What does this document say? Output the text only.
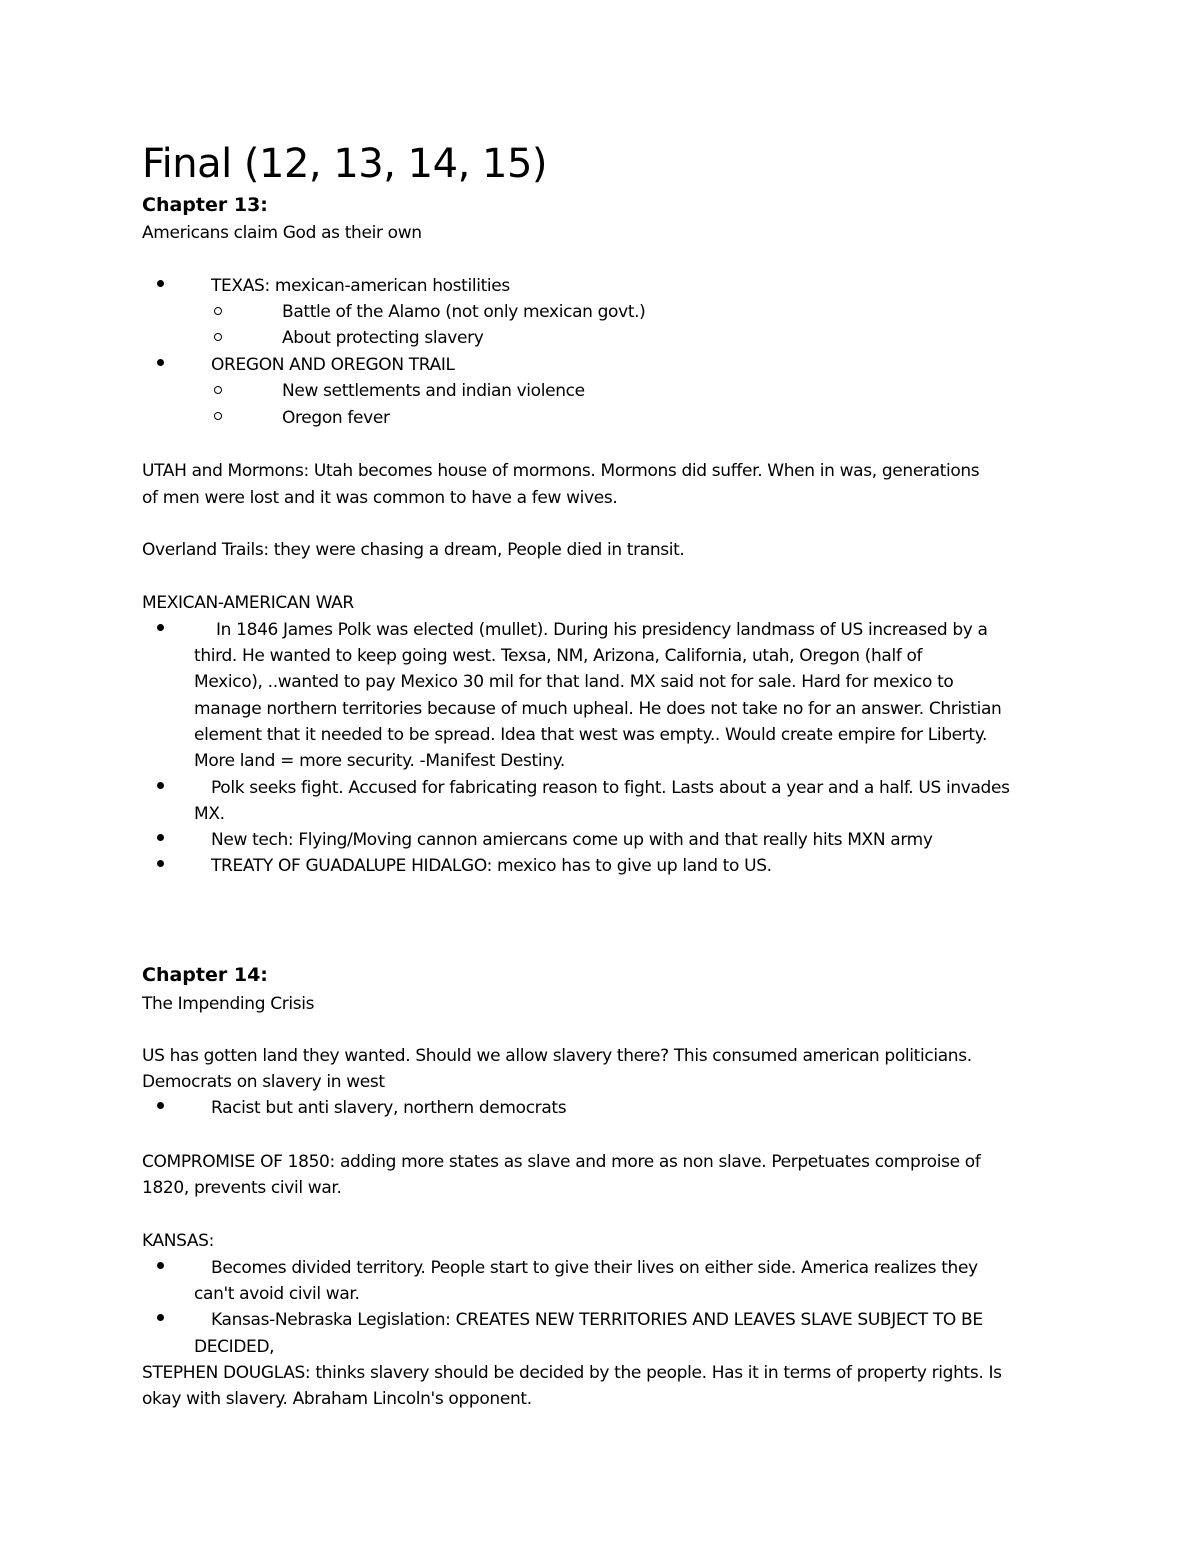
Final (12, 13, 14, 15)
Chapter 13:
Americans claim God as their own
TEXAS: mexican-american hostilities
Battle of the Alamo (not only mexican govt.)
About protecting slavery
OREGON AND OREGON TRAIL
New settlements and indian violence
Oregon fever
UTAH and Mormons: Utah becomes house of mormons. Mormons did suffer. When in was, generations
of men were lost and it was common to have a few wives.
Overland Trails: they were chasing a dream, People died in transit.
MEXICAN-AMERICAN WAR
In 1846 James Polk was elected (mullet). During his presidency landmass of US increased by a
third. He wanted to keep going west. Texsa, NM, Arizona, California, utah, Oregon (half of
Mexico), ..wanted to pay Mexico 30 mil for that land. MX said not for sale. Hard for mexico to
manage northern territories because of much upheal. He does not take no for an answer. Christian
element that it needed to be spread. Idea that west was empty.. Would create empire for Liberty.
More land = more security. -Manifest Destiny.
Polk seeks fight. Accused for fabricating reason to fight. Lasts about a year and a half. US invades
MX.
New tech: Flying/Moving cannon amiercans come up with and that really hits MXN army
TREATY OF GUADALUPE HIDALGO: mexico has to give up land to US.
Chapter 14:
The Impending Crisis
US has gotten land they wanted. Should we allow slavery there? This consumed american politicians.
Democrats on slavery in west
Racist but anti slavery, northern democrats
COMPROMISE OF 1850: adding more states as slave and more as non slave. Perpetuates comproise of
1820, prevents civil war.
KANSAS:
Becomes divided territory. People start to give their lives on either side. America realizes they
can't avoid civil war.
Kansas-Nebraska Legislation: CREATES NEW TERRITORIES AND LEAVES SLAVE SUBJECT TO BE
DECIDED,
STEPHEN DOUGLAS: thinks slavery should be decided by the people. Has it in terms of property rights. Is
okay with slavery. Abraham Lincoln's opponent.
